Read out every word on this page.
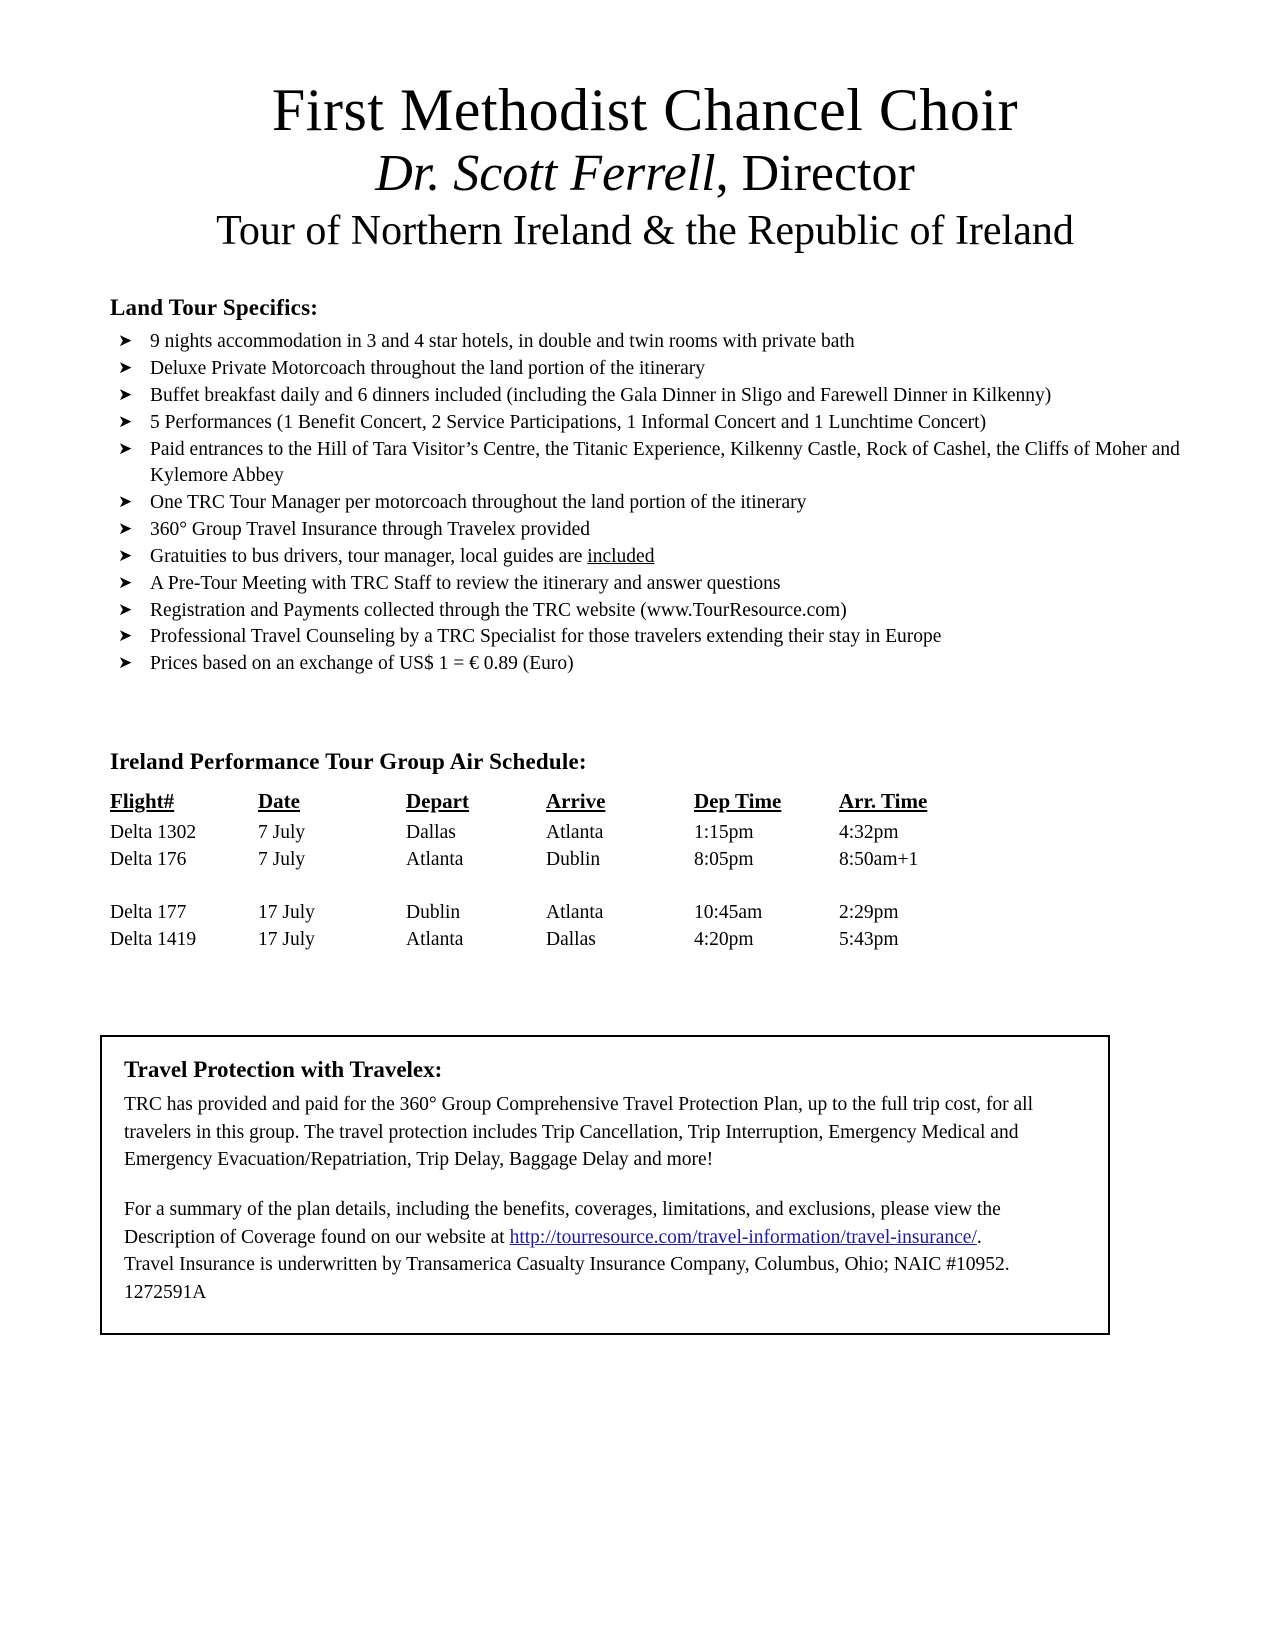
First Methodist Chancel Choir
Dr. Scott Ferrell, Director
Tour of Northern Ireland & the Republic of Ireland
Land Tour Specifics:
➤ 9 nights accommodation in 3 and 4 star hotels, in double and twin rooms with private bath
➤ Deluxe Private Motorcoach throughout the land portion of the itinerary
➤ Buffet breakfast daily and 6 dinners included (including the Gala Dinner in Sligo and Farewell Dinner in Kilkenny)
➤ 5 Performances (1 Benefit Concert, 2 Service Participations, 1 Informal Concert and 1 Lunchtime Concert)
➤ Paid entrances to the Hill of Tara Visitor’s Centre, the Titanic Experience, Kilkenny Castle, Rock of Cashel, the Cliffs of Moher and Kylemore Abbey
➤ One TRC Tour Manager per motorcoach throughout the land portion of the itinerary
➤ 360° Group Travel Insurance through Travelex provided
➤ Gratuities to bus drivers, tour manager, local guides are included
➤ A Pre-Tour Meeting with TRC Staff to review the itinerary and answer questions
➤ Registration and Payments collected through the TRC website (www.TourResource.com)
➤ Professional Travel Counseling by a TRC Specialist for those travelers extending their stay in Europe
➤ Prices based on an exchange of US$ 1 = € 0.89 (Euro)
Ireland Performance Tour Group Air Schedule:
Flight#	Date	Depart	Arrive	Dep Time	Arr. Time
Delta 1302	7 July	Dallas	Atlanta	1:15pm	4:32pm
Delta 176	7 July	Atlanta	Dublin	8:05pm	8:50am+1

Delta 177	17 July	Dublin	Atlanta	10:45am	2:29pm
Delta 1419	17 July	Atlanta	Dallas	4:20pm	5:43pm
Travel Protection with Travelex:

TRC has provided and paid for the 360° Group Comprehensive Travel Protection Plan, up to the full trip cost, for all travelers in this group. The travel protection includes Trip Cancellation, Trip Interruption, Emergency Medical and Emergency Evacuation/Repatriation, Trip Delay, Baggage Delay and more!

For a summary of the plan details, including the benefits, coverages, limitations, and exclusions, please view the Description of Coverage found on our website at http://tourresource.com/travel-information/travel-insurance/.

Travel Insurance is underwritten by Transamerica Casualty Insurance Company, Columbus, Ohio; NAIC #10952.

1272591A
